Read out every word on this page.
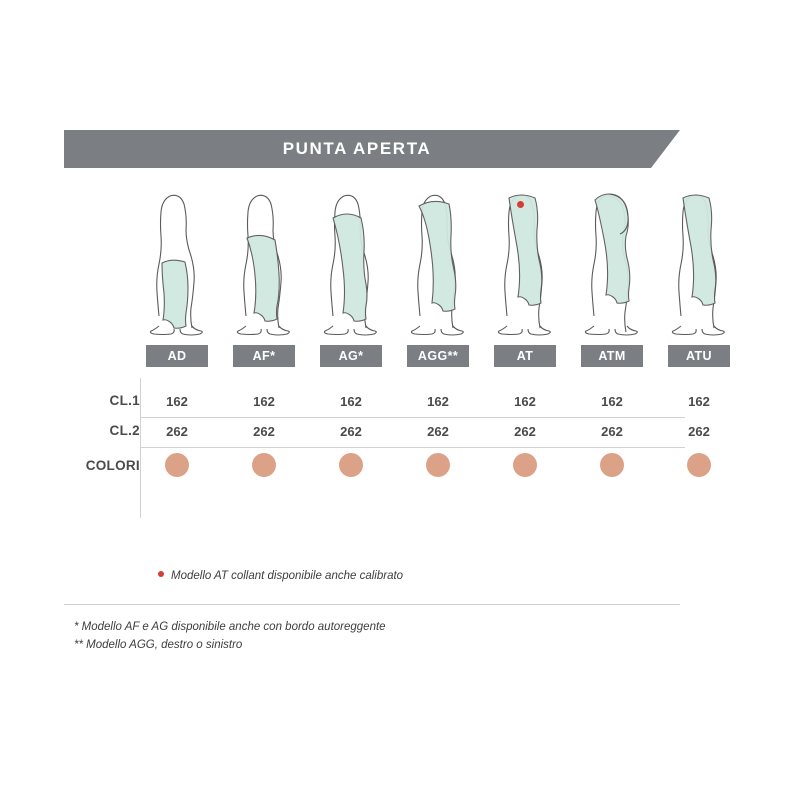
PUNTA APERTA
AD	AF*	AG*	AGG**	AT	ATM	ATU
CL.1	162	162	162	162	162	162	162
CL.2	262	262	262	262	262	262	262
COLORI
Modello AT collant disponibile anche calibrato
* Modello AF e AG disponibile anche con bordo autoreggente
** Modello AGG, destro o sinistro
